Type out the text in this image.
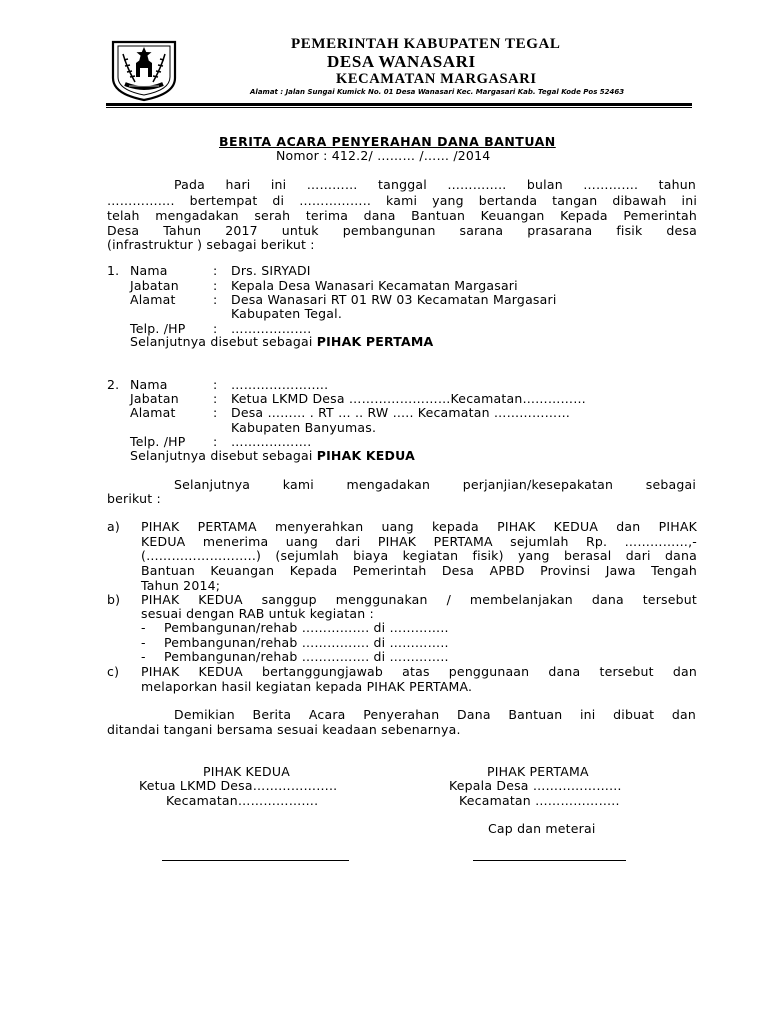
PEMERINTAH KABUPATEN TEGAL
DESA WANASARI
KECAMATAN MARGASARI
Alamat : Jalan Sungai Kumick No. 01 Desa Wanasari Kec. Margasari Kab. Tegal Kode Pos 52463
BERITA ACARA PENYERAHAN DANA BANTUAN
Nomor : 412.2/ ……… /…… /2014
Pada hari ini ………… tanggal ………….. bulan …………. tahun
……………. bertempat di …………….. kami yang bertanda tangan dibawah ini
telah mengadakan serah terima dana Bantuan Keuangan Kepada Pemerintah
Desa Tahun 2017 untuk pembangunan sarana prasarana fisik desa
(infrastruktur ) sebagai berikut :
1. Nama	: Drs. SIRYADI
Jabatan	: Kepala Desa Wanasari Kecamatan Margasari
Alamat	: Desa Wanasari RT 01 RW 03 Kecamatan Margasari
Kabupaten Tegal.
Telp. /HP : ……………….
Selanjutnya disebut sebagai PIHAK PERTAMA
2. Nama	: …………………..
Jabatan	: Ketua LKMD Desa ……………………Kecamatan……………
Alamat	: Desa ……… . RT … .. RW ….. Kecamatan ………………
Kabupaten Banyumas.
Telp. /HP : ……………….
Selanjutnya disebut sebagai PIHAK KEDUA
Selanjutnya kami mengadakan perjanjian/kesepakatan sebagai
berikut :
a) PIHAK PERTAMA menyerahkan uang kepada PIHAK KEDUA dan PIHAK
KEDUA menerima uang dari PIHAK PERTAMA sejumlah Rp. ……………,-
(……………………..) (sejumlah biaya kegiatan fisik) yang berasal dari dana
Bantuan Keuangan Kepada Pemerintah Desa APBD Provinsi Jawa Tengah
Tahun 2014;
b) PIHAK KEDUA sanggup menggunakan / membelanjakan dana tersebut
sesuai dengan RAB untuk kegiatan :
- Pembangunan/rehab ……………. di …………..
- Pembangunan/rehab ……………. di …………..
- Pembangunan/rehab ……………. di …………..
c) PIHAK KEDUA bertanggungjawab atas penggunaan dana tersebut dan
melaporkan hasil kegiatan kepada PIHAK PERTAMA.
Demikian Berita Acara Penyerahan Dana Bantuan ini dibuat dan
ditandai tangani bersama sesuai keadaan sebenarnya.
PIHAK KEDUA
Ketua LKMD Desa………………..
Kecamatan……………….
PIHAK PERTAMA
Kepala Desa …………………
Kecamatan ………………..
Cap dan meterai
